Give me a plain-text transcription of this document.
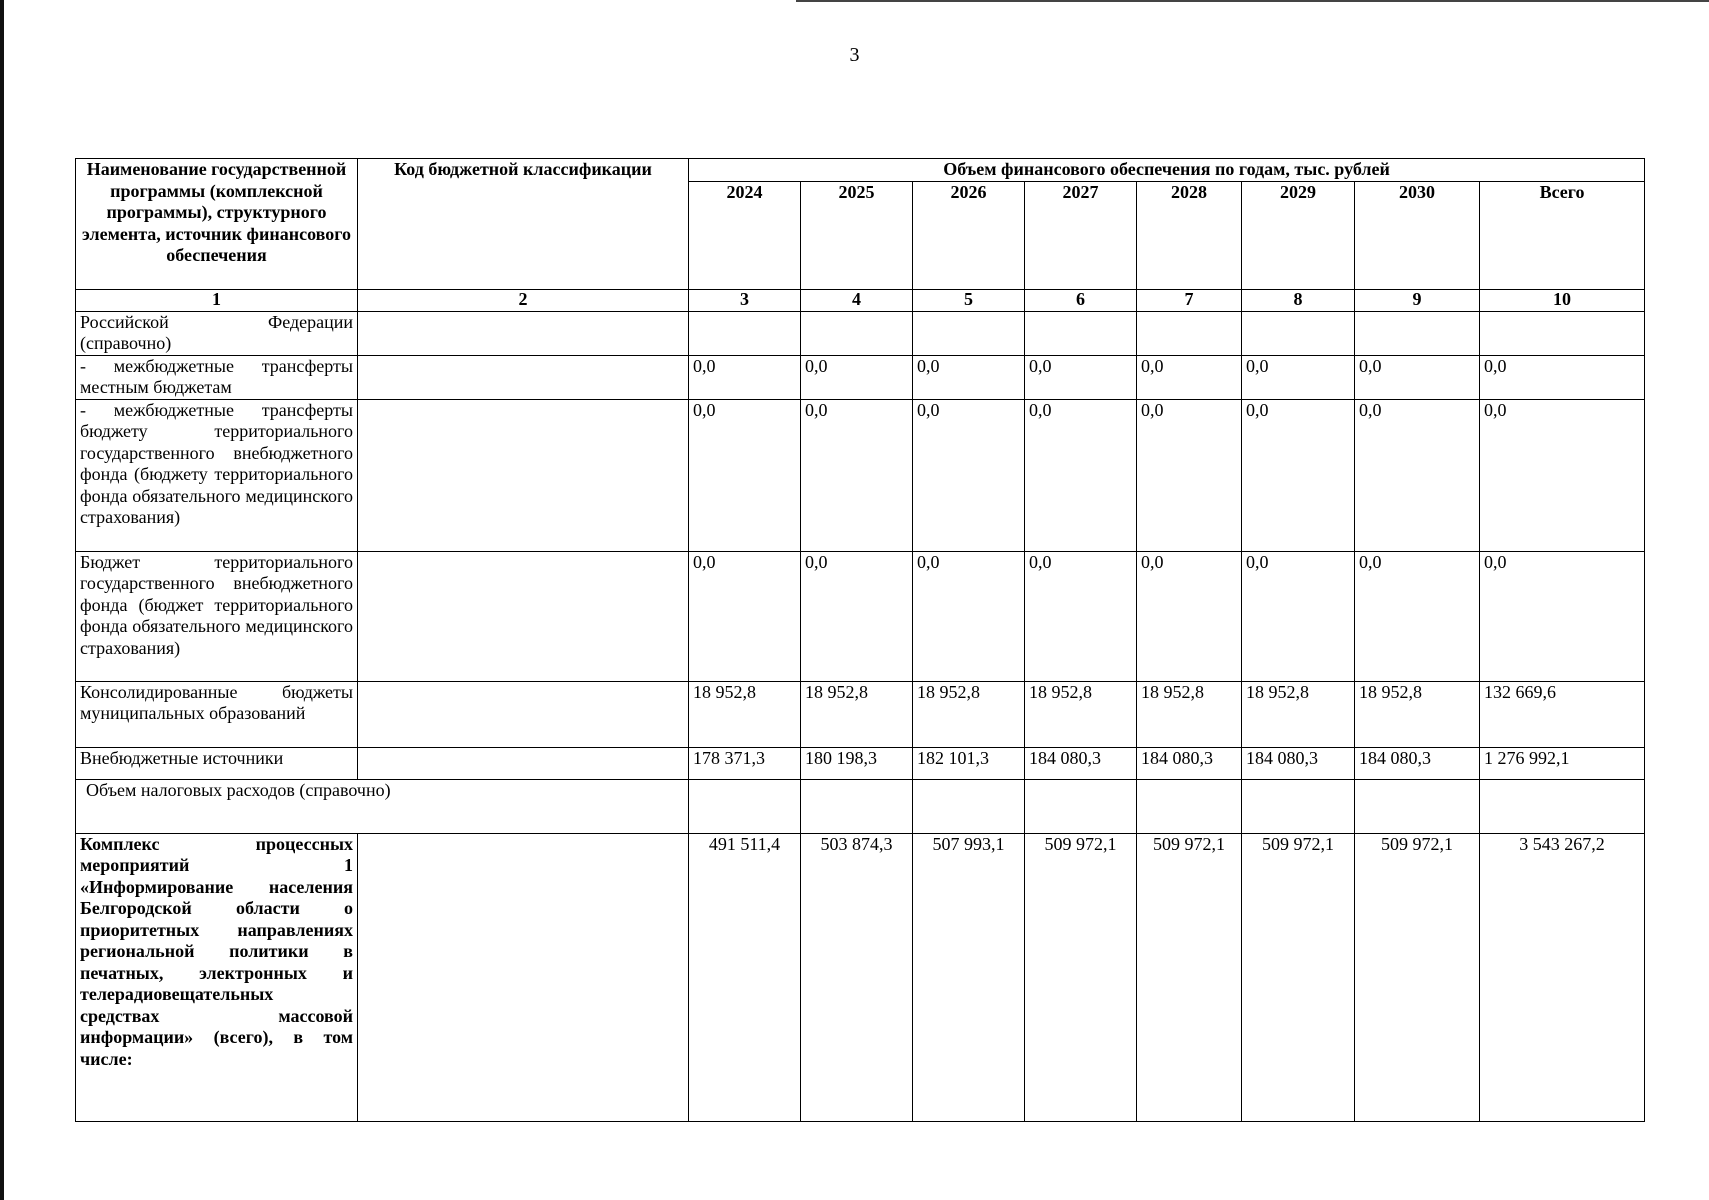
3
Наименование государственной программы (комплексной программы), структурного элемента, источник финансового обеспечения	Код бюджетной классификации	Объем финансового обеспечения по годам, тыс. рублей							
		2024	2025	2026	2027	2028	2029	2030	Всего
1	2	3	4	5	6	7	8	9	10
Российской Федерации (справочно)									
- межбюджетные трансферты местным бюджетам		0,0	0,0	0,0	0,0	0,0	0,0	0,0	0,0
- межбюджетные трансферты бюджету территориального государственного внебюджетного фонда (бюджету территориального фонда обязательного медицинского страхования)		0,0	0,0	0,0	0,0	0,0	0,0	0,0	0,0
Бюджет территориального государственного внебюджетного фонда (бюджет территориального фонда обязательного медицинского страхования)		0,0	0,0	0,0	0,0	0,0	0,0	0,0	0,0
Консолидированные бюджеты муниципальных образований		18 952,8	18 952,8	18 952,8	18 952,8	18 952,8	18 952,8	18 952,8	132 669,6
Внебюджетные источники		178 371,3	180 198,3	182 101,3	184 080,3	184 080,3	184 080,3	184 080,3	1 276 992,1
Объем налоговых расходов (справочно)									
Комплекс процессных мероприятий 1 «Информирование населения Белгородской области о приоритетных направлениях региональной политики в печатных, электронных и телерадиовещательных средствах массовой информации» (всего), в том числе:		491 511,4	503 874,3	507 993,1	509 972,1	509 972,1	509 972,1	509 972,1	3 543 267,2
